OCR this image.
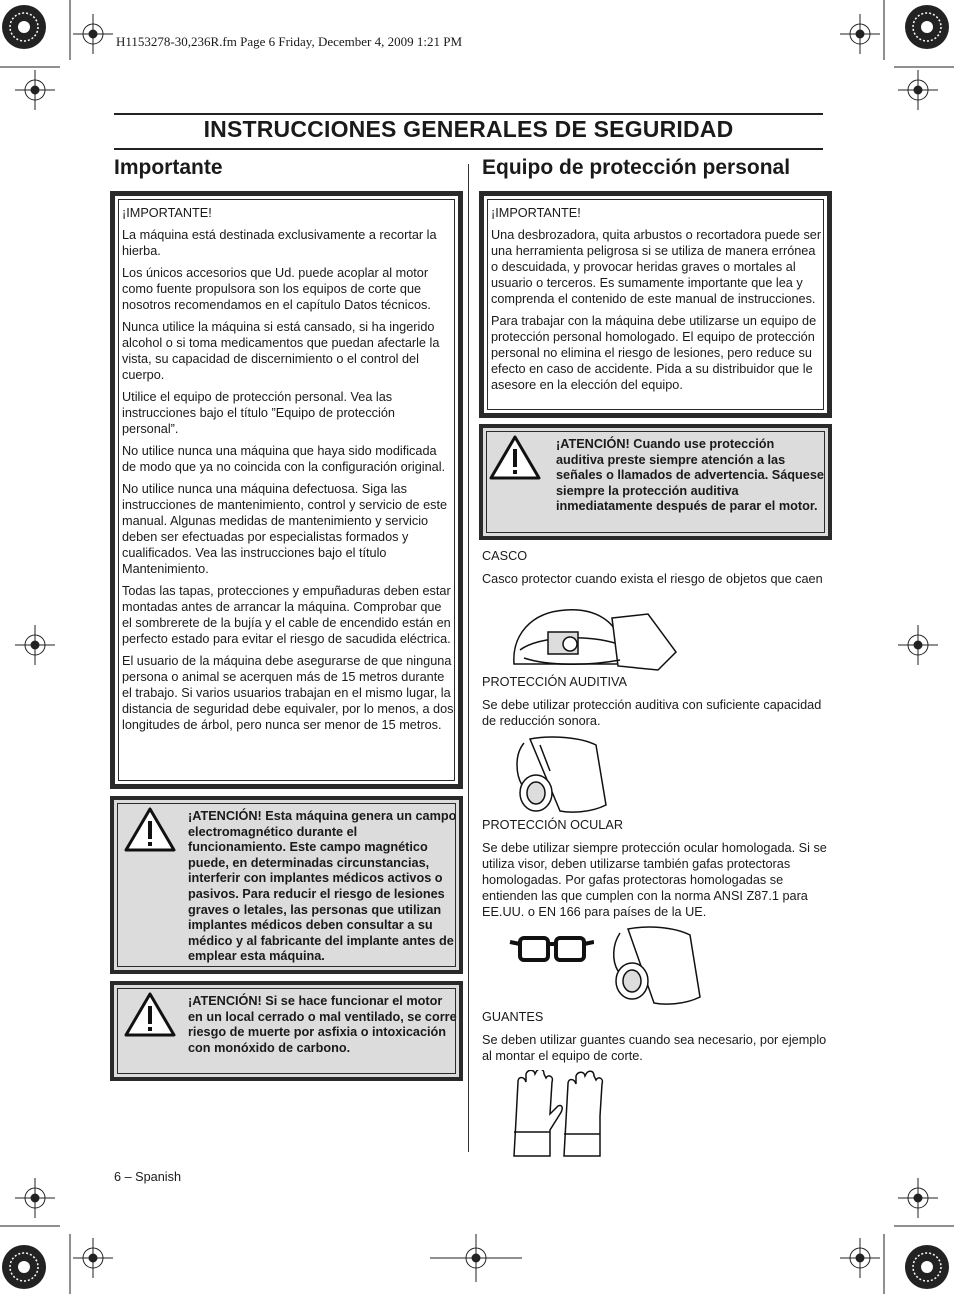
H1153278-30,236R.fm Page 6 Friday, December 4, 2009 1:21 PM
INSTRUCCIONES GENERALES DE SEGURIDAD
Importante

¡IMPORTANTE!

La máquina está destinada exclusivamente a recortar la hierba.

Los únicos accesorios que Ud. puede acoplar al motor como fuente propulsora son los equipos de corte que nosotros recomendamos en el capítulo Datos técnicos.

Nunca utilice la máquina si está cansado, si ha ingerido alcohol o si toma medicamentos que puedan afectarle la vista, su capacidad de discernimiento o el control del cuerpo.

Utilice el equipo de protección personal. Vea las instrucciones bajo el título ”Equipo de protección personal”.

No utilice nunca una máquina que haya sido modificada de modo que ya no coincida con la configuración original.

No utilice nunca una máquina defectuosa. Siga las instrucciones de mantenimiento, control y servicio de este manual. Algunas medidas de mantenimiento y servicio deben ser efectuadas por especialistas formados y cualificados. Vea las instrucciones bajo el título Mantenimiento.

Todas las tapas, protecciones y empuñaduras deben estar montadas antes de arrancar la máquina. Comprobar que el sombrerete de la bujía y el cable de encendido están en perfecto estado para evitar el riesgo de sacudida eléctrica.

El usuario de la máquina debe asegurarse de que ninguna persona o animal se acerquen más de 15 metros durante el trabajo. Si varios usuarios trabajan en el mismo lugar, la distancia de seguridad debe equivaler, por lo menos, a dos longitudes de árbol, pero nunca ser menor de 15 metros.

¡ATENCIÓN! Esta máquina genera un campo electromagnético durante el funcionamiento. Este campo magnético puede, en determinadas circunstancias, interferir con implantes médicos activos o pasivos. Para reducir el riesgo de lesiones graves o letales, las personas que utilizan implantes médicos deben consultar a su médico y al fabricante del implante antes de emplear esta máquina.
¡ATENCIÓN! Si se hace funcionar el motor en un local cerrado o mal ventilado, se corre riesgo de muerte por asfixia o intoxicación con monóxido de carbono.
Equipo de protección personal

¡IMPORTANTE!

Una desbrozadora, quita arbustos o recortadora puede ser una herramienta peligrosa si se utiliza de manera errónea o descuidada, y provocar heridas graves o mortales al usuario o terceros. Es sumamente importante que lea y comprenda el contenido de este manual de instrucciones.

Para trabajar con la máquina debe utilizarse un equipo de protección personal homologado. El equipo de protección personal no elimina el riesgo de lesiones, pero reduce su efecto en caso de accidente. Pida a su distribuidor que le asesore en la elección del equipo.

¡ATENCIÓN! Cuando use protección auditiva preste siempre atención a las señales o llamados de advertencia. Sáquese siempre la protección auditiva inmediatamente después de parar el motor.
CASCO
Casco protector cuando exista el riesgo de objetos que caen
PROTECCIÓN AUDITIVA
Se debe utilizar protección auditiva con suficiente capacidad de reducción sonora.
PROTECCIÓN OCULAR
Se debe utilizar siempre protección ocular homologada. Si se utiliza visor, deben utilizarse también gafas protectoras homologadas. Por gafas protectoras homologadas se entienden las que cumplen con la norma ANSI Z87.1 para EE.UU. o EN 166 para países de la UE.
GUANTES
Se deben utilizar guantes cuando sea necesario, por ejemplo al montar el equipo de corte.
6 – Spanish
